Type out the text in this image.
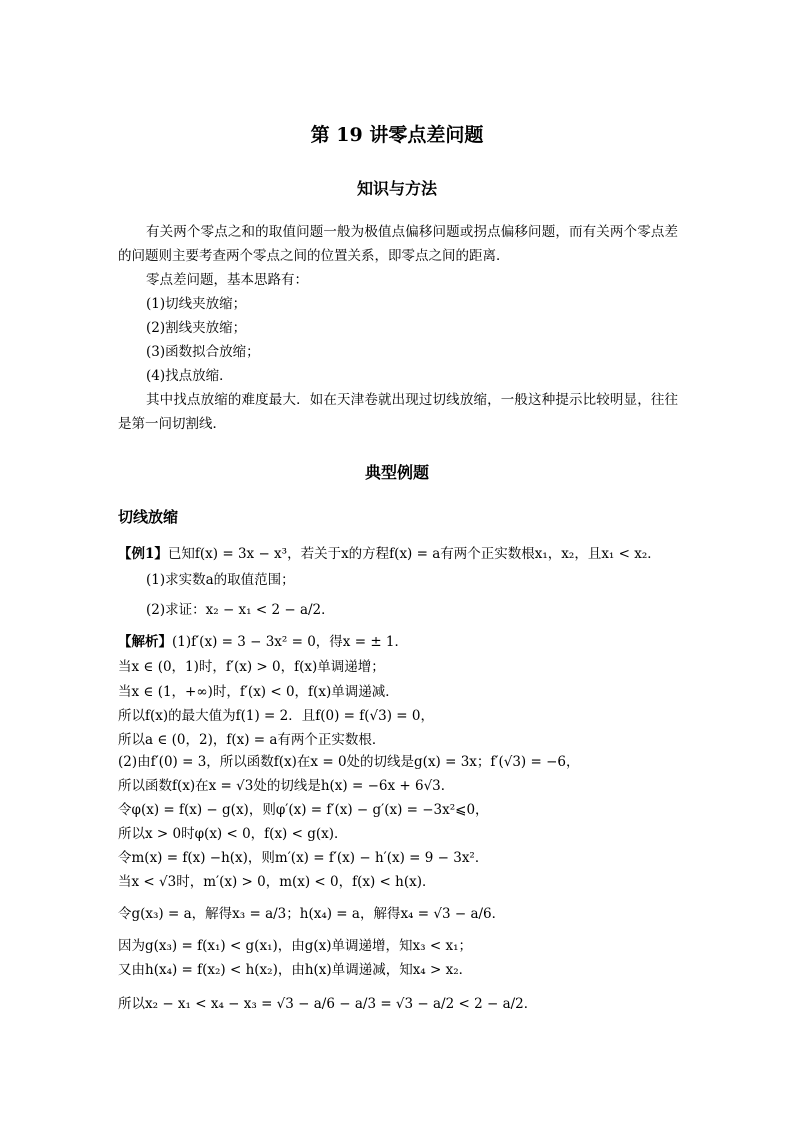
第 19 讲零点差问题
知识与方法
有关两个零点之和的取值问题一般为极值点偏移问题或拐点偏移问题，而有关两个零点差的问题则主要考查两个零点之间的位置关系，即零点之间的距离．
零点差问题，基本思路有：
(1)切线夹放缩；
(2)割线夹放缩；
(3)函数拟合放缩；
(4)找点放缩．
其中找点放缩的难度最大．如在天津卷就出现过切线放缩，一般这种提示比较明显，往往是第一问切割线．
典型例题
切线放缩
【例1】已知f(x) = 3x − x³，若关于x的方程f(x) = a有两个正实数根x₁，x₂，且x₁ < x₂．
(1)求实数a的取值范围；
(2)求证：x₂ − x₁ < 2 − a/2．
【解析】(1)f′(x) = 3 − 3x² = 0，得x = ± 1．
当x ∈ (0，1)时，f′(x) > 0，f(x)单调递增；
当x ∈ (1，+∞)时，f′(x) < 0，f(x)单调递减．
所以f(x)的最大值为f(1) = 2．且f(0) = f(√3) = 0，
所以a ∈ (0，2)，f(x) = a有两个正实数根．
(2)由f′(0) = 3，所以函数f(x)在x = 0处的切线是g(x) = 3x；f′(√3) = −6，
所以函数f(x)在x = √3处的切线是h(x) = −6x + 6√3．
令φ(x) = f(x) − g(x)，则φ′(x) = f′(x) − g′(x) = −3x²⩽0，
所以x > 0时φ(x) < 0，f(x) < g(x)．
令m(x) = f(x) −h(x)，则m′(x) = f′(x) − h′(x) = 9 − 3x²．
当x < √3时，m′(x) > 0，m(x) < 0，f(x) < h(x)．
令g(x₃) = a，解得x₃ = a/3；h(x₄) = a，解得x₄ = √3 − a/6．
因为g(x₃) = f(x₁) < g(x₁)，由g(x)单调递增，知x₃ < x₁；
又由h(x₄) = f(x₂) < h(x₂)，由h(x)单调递减，知x₄ > x₂．
所以x₂ − x₁ < x₄ − x₃ = √3 − a/6 − a/3 = √3 − a/2 < 2 − a/2．
